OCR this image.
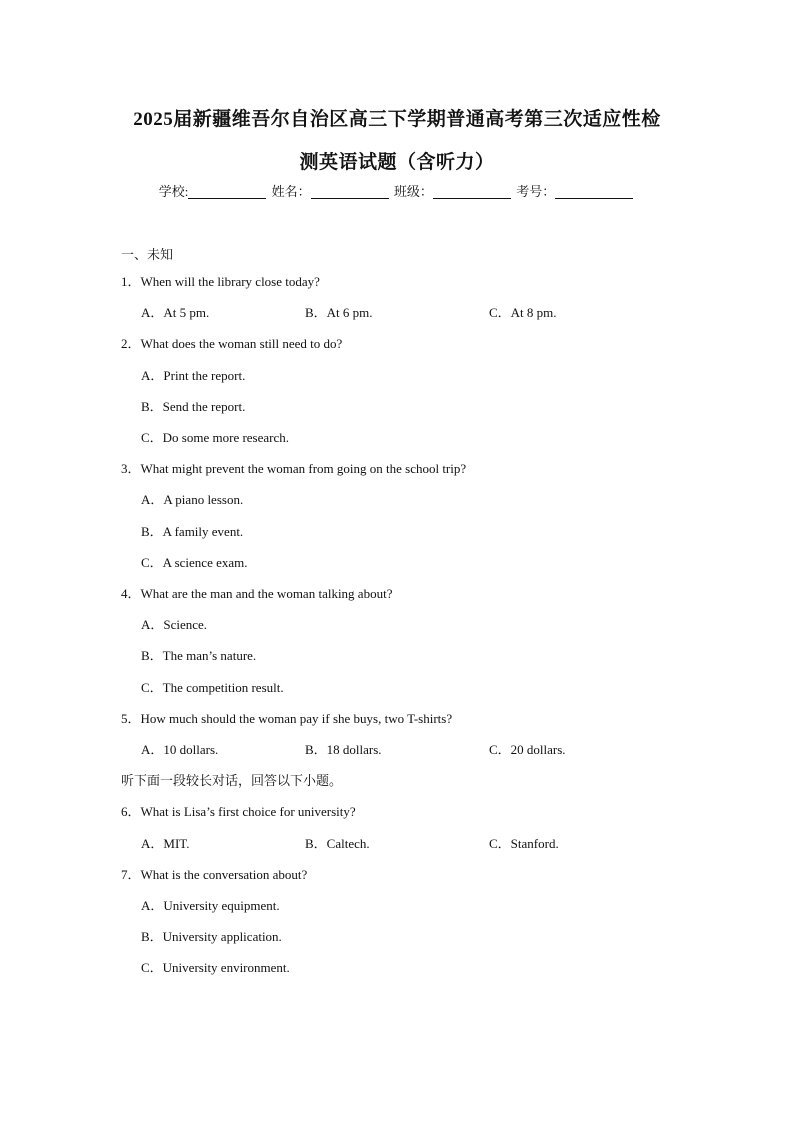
2025届新疆维吾尔自治区高三下学期普通高考第三次适应性检
测英语试题（含听力）
学校:	姓名：	班级：	考号：
一、未知
1．When will the library close today?
A．At 5 pm.	B．At 6 pm.	C．At 8 pm.
2．What does the woman still need to do?
A．Print the report.
B．Send the report.
C．Do some more research.
3．What might prevent the woman from going on the school trip?
A．A piano lesson.
B．A family event.
C．A science exam.
4．What are the man and the woman talking about?
A．Science.
B．The man’s nature.
C．The competition result.
5．How much should the woman pay if she buys, two T-shirts?
A．10 dollars.	B．18 dollars.	C．20 dollars.
听下面一段较长对话，回答以下小题。
6．What is Lisa’s first choice for university?
A．MIT.	B．Caltech.	C．Stanford.
7．What is the conversation about?
A．University equipment.
B．University application.
C．University environment.
